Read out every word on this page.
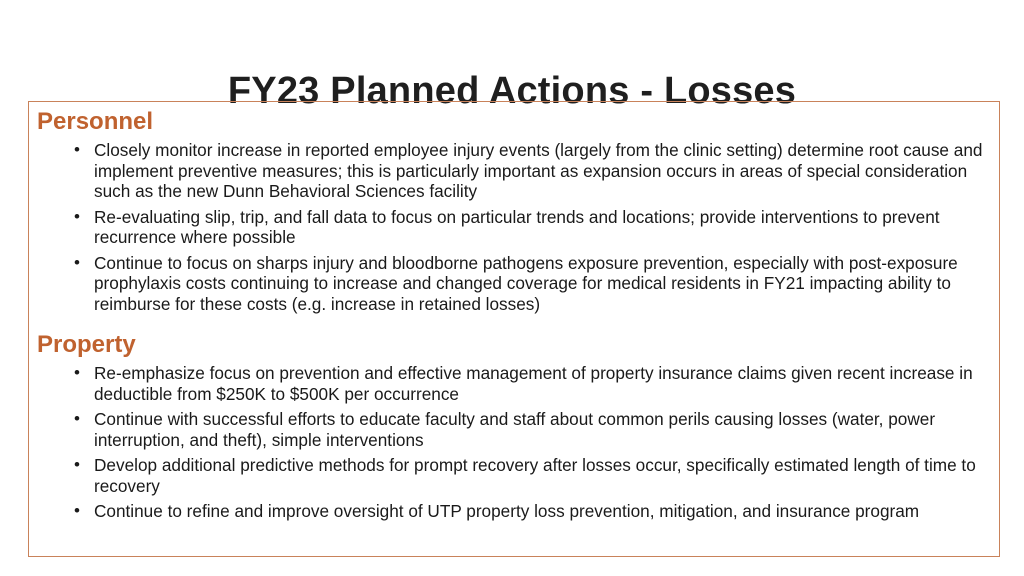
FY23 Planned Actions - Losses
Personnel
• Closely monitor increase in reported employee injury events (largely from the clinic setting) determine root cause and implement preventive measures; this is particularly important as expansion occurs in areas of special consideration such as the new Dunn Behavioral Sciences facility
• Re-evaluating slip, trip, and fall data to focus on particular trends and locations; provide interventions to prevent recurrence where possible
• Continue to focus on sharps injury and bloodborne pathogens exposure prevention, especially with post-exposure prophylaxis costs continuing to increase and changed coverage for medical residents in FY21 impacting ability to reimburse for these costs (e.g. increase in retained losses)
Property
• Re-emphasize focus on prevention and effective management of property insurance claims given recent increase in deductible from $250K to $500K per occurrence
• Continue with successful efforts to educate faculty and staff about common perils causing losses (water, power interruption, and theft), simple interventions
• Develop additional predictive methods for prompt recovery after losses occur, specifically estimated length of time to recovery
• Continue to refine and improve oversight of UTP property loss prevention, mitigation, and insurance program
